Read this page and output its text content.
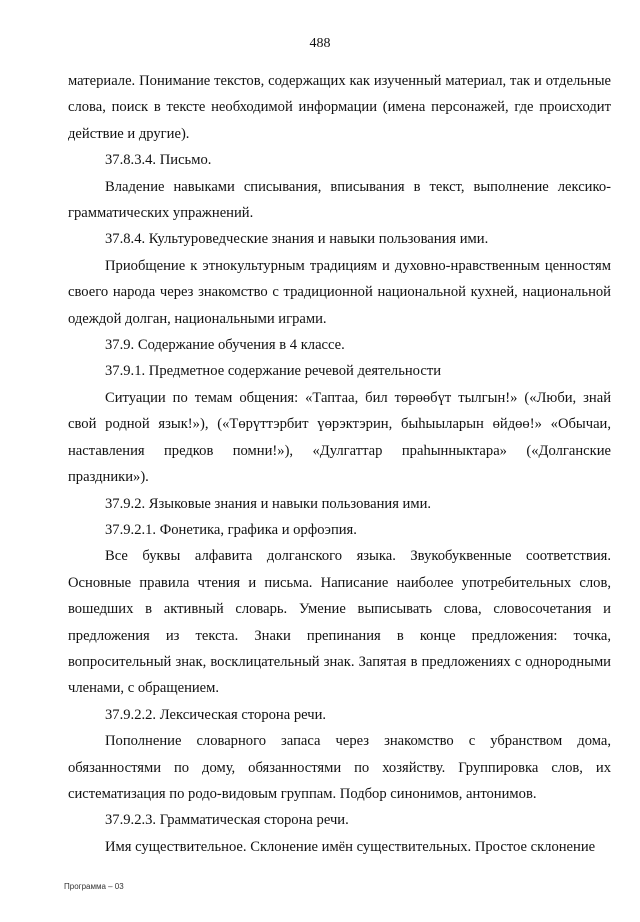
488

материале. Понимание текстов, содержащих как изученный материал, так и отдельные слова, поиск в тексте необходимой информации (имена персонажей, где происходит действие и другие).

37.8.3.4. Письмо.

Владение навыками списывания, вписывания в текст, выполнение лексико-грамматических упражнений.

37.8.4. Культуроведческие знания и навыки пользования ими.

Приобщение к этнокультурным традициям и духовно-нравственным ценностям своего народа через знакомство с традиционной национальной кухней, национальной одеждой долган, национальными играми.

37.9. Содержание обучения в 4 классе.

37.9.1. Предметное содержание речевой деятельности

Ситуации по темам общения: «Таптаа, бил төрөөбүт тылгын!» («Люби, знай свой родной язык!»), («Төрүттэрбит үөрэктэрин, быһыыларын өйдөө!» «Обычаи, наставления предков помни!»), «Дулгаттар праһынныктара» («Долганские праздники»).

37.9.2. Языковые знания и навыки пользования ими.

37.9.2.1. Фонетика, графика и орфоэпия.

Все буквы алфавита долганского языка. Звукобуквенные соответствия. Основные правила чтения и письма. Написание наиболее употребительных слов, вошедших в активный словарь. Умение выписывать слова, словосочетания и предложения из текста. Знаки препинания в конце предложения: точка, вопросительный знак, восклицательный знак. Запятая в предложениях с однородными членами, с обращением.

37.9.2.2. Лексическая сторона речи.

Пополнение словарного запаса через знакомство с убранством дома, обязанностями по дому, обязанностями по хозяйству. Группировка слов, их систематизация по родо-видовым группам. Подбор синонимов, антонимов.

37.9.2.3. Грамматическая сторона речи.

Имя существительное. Склонение имён существительных. Простое склонение

Программа – 03
